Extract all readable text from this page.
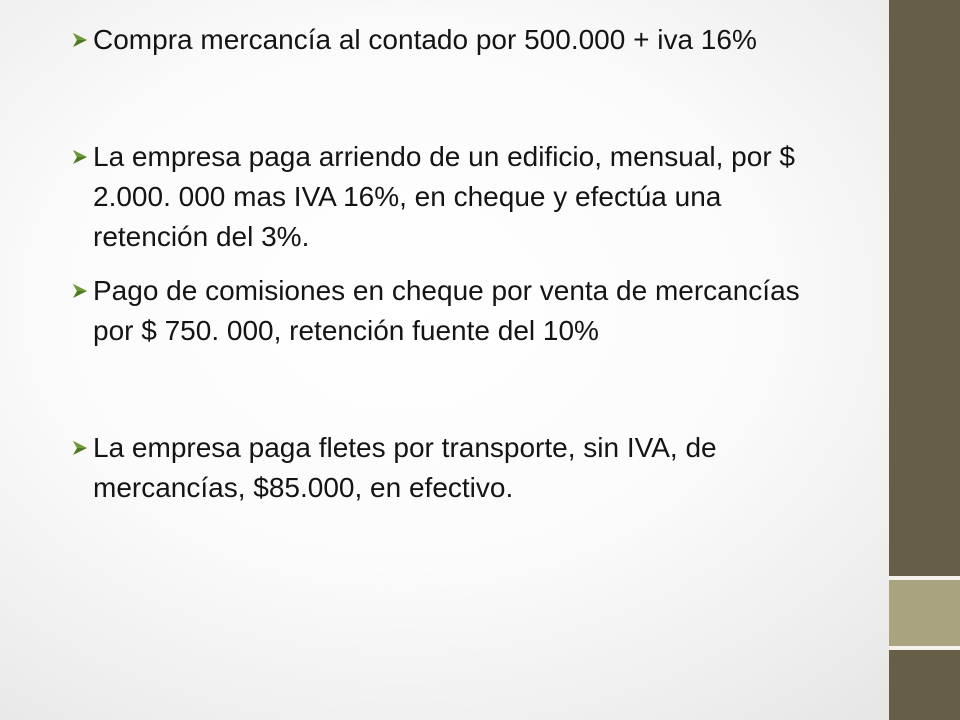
Compra mercancía al contado por 500.000 + iva 16%
La empresa paga arriendo de un edificio, mensual, por $ 2.000. 000 mas IVA 16%, en cheque y efectúa una retención del 3%.
Pago de comisiones en cheque por venta de mercancías por $ 750. 000, retención fuente del 10%
La empresa paga fletes por transporte, sin IVA, de mercancías, $85.000, en efectivo.
